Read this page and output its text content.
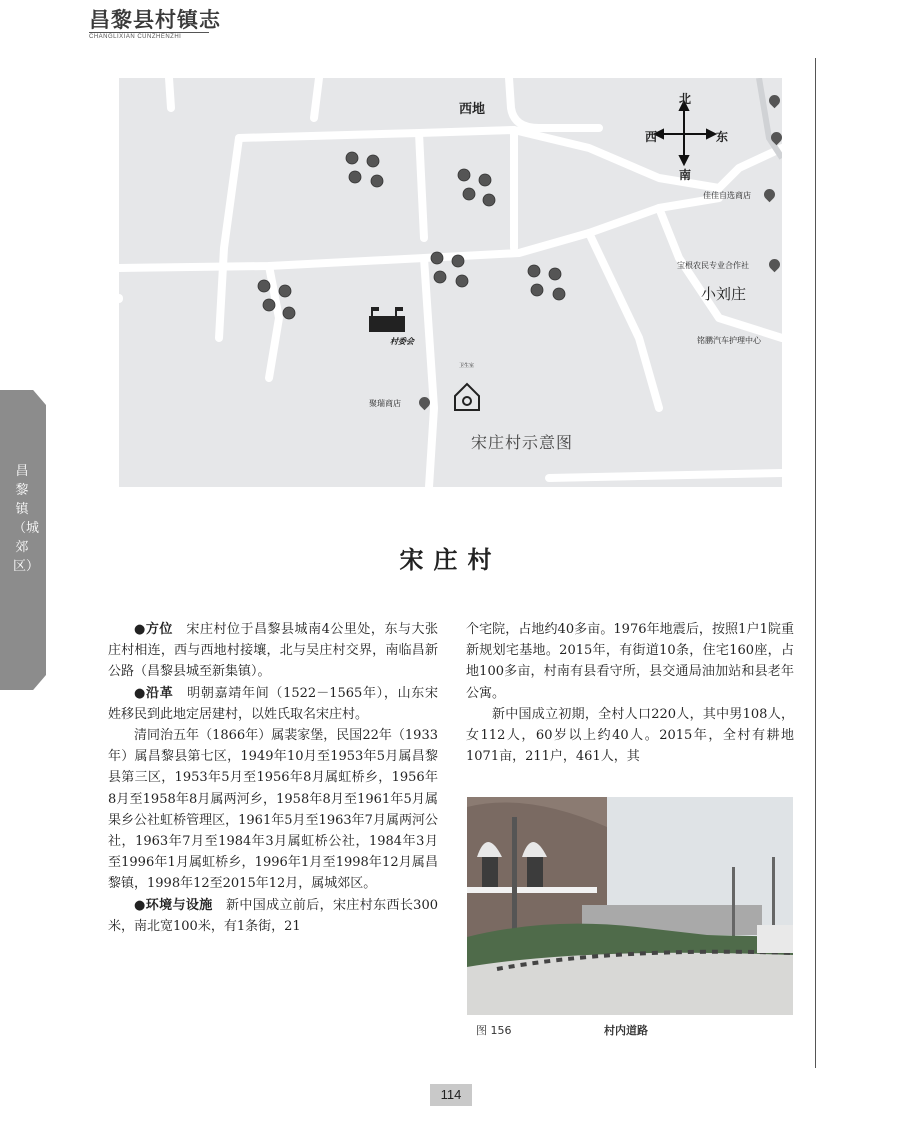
昌黎县村镇志
CHANGLIXIAN CUNZHENZHI
昌黎镇（城郊区）
西地
北
西	东
南
佳佳自选商店
宝根农民专业合作社
小刘庄
铭鹏汽车护理中心
村委会
卫生室
聚瑞商店
宋庄村示意图
宋庄村

●方位　宋庄村位于昌黎县城南4公里处，东与大张庄村相连，西与西地村接壤，北与吴庄村交界，南临昌新公路（昌黎县城至新集镇）。

●沿革　明朝嘉靖年间（1522－1565年），山东宋姓移民到此地定居建村，以姓氏取名宋庄村。

清同治五年（1866年）属裴家堡，民国22年（1933年）属昌黎县第七区，1949年10月至1953年5月属昌黎县第三区，1953年5月至1956年8月属虹桥乡，1956年8月至1958年8月属两河乡，1958年8月至1961年5月属果乡公社虹桥管理区，1961年5月至1963年7月属两河公社，1963年7月至1984年3月属虹桥公社，1984年3月至1996年1月属虹桥乡，1996年1月至1998年12月属昌黎镇，1998年12至2015年12月，属城郊区。

●环境与设施　新中国成立前后，宋庄村东西长300米，南北宽100米，有1条街，21

个宅院，占地约40多亩。1976年地震后，按照1户1院重新规划宅基地。2015年，有街道10条，住宅160座，占地100多亩，村南有县看守所，县交通局油加站和县老年公寓。

新中国成立初期，全村人口220人，其中男108人，女112人，60岁以上约40人。2015年，全村有耕地1071亩，211户，461人，其

图 156	村内道路
114
